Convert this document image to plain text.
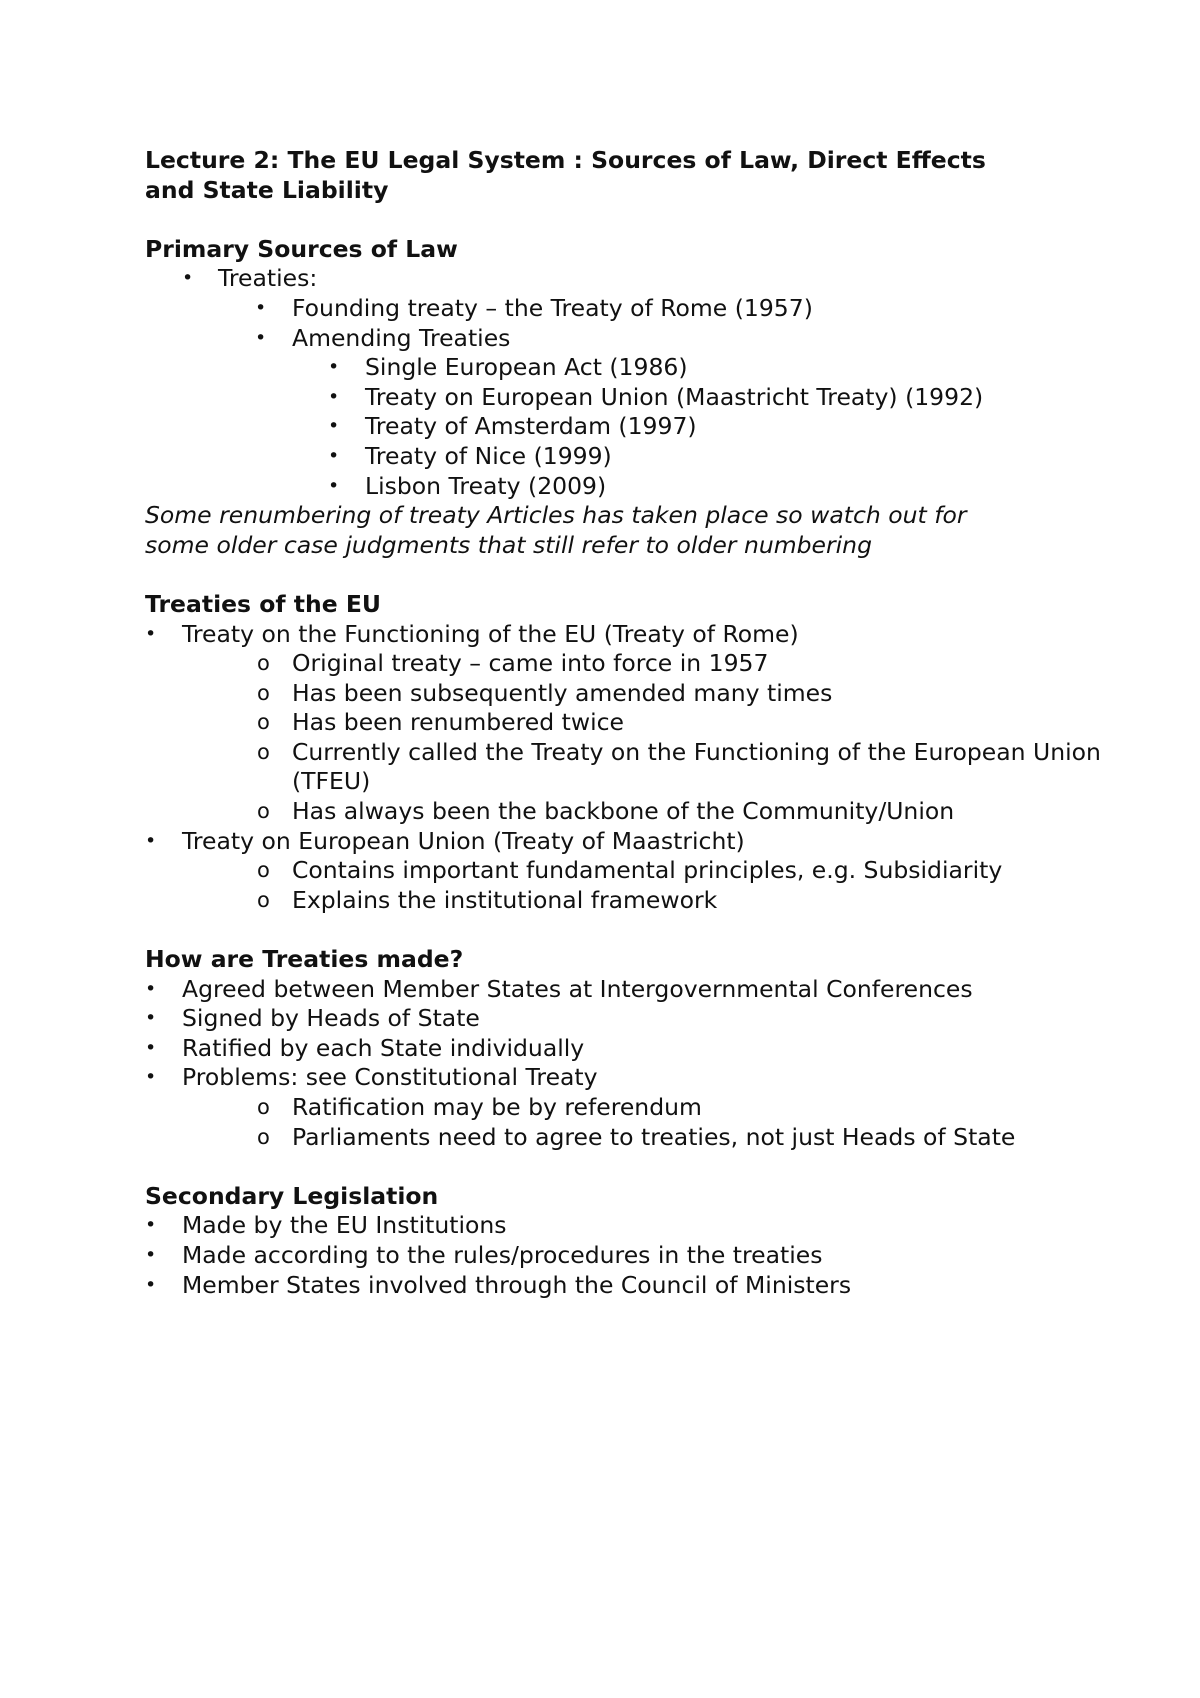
Lecture 2: The EU Legal System : Sources of Law, Direct Effects
and State Liability

Primary Sources of Law

•	Treaties:
•	Founding treaty – the Treaty of Rome (1957)
•	Amending Treaties
•	Single European Act (1986)
•	Treaty on European Union (Maastricht Treaty) (1992)
•	Treaty of Amsterdam (1997)
•	Treaty of Nice (1999)
•	Lisbon Treaty (2009)

Some renumbering of treaty Articles has taken place so watch out for
some older case judgments that still refer to older numbering

Treaties of the EU

•	Treaty on the Functioning of the EU (Treaty of Rome)
o Original treaty – came into force in 1957
o Has been subsequently amended many times
o Has been renumbered twice
o Currently called the Treaty on the Functioning of the European Union (TFEU)
o Has always been the backbone of the Community/Union
•	Treaty on European Union (Treaty of Maastricht)
o Contains important fundamental principles, e.g. Subsidiarity
o Explains the institutional framework

How are Treaties made?

•	Agreed between Member States at Intergovernmental Conferences
•	Signed by Heads of State
•	Ratified by each State individually
•	Problems: see Constitutional Treaty
o Ratification may be by referendum
o Parliaments need to agree to treaties, not just Heads of State

Secondary Legislation

•	Made by the EU Institutions
•	Made according to the rules/procedures in the treaties
•	Member States involved through the Council of Ministers
